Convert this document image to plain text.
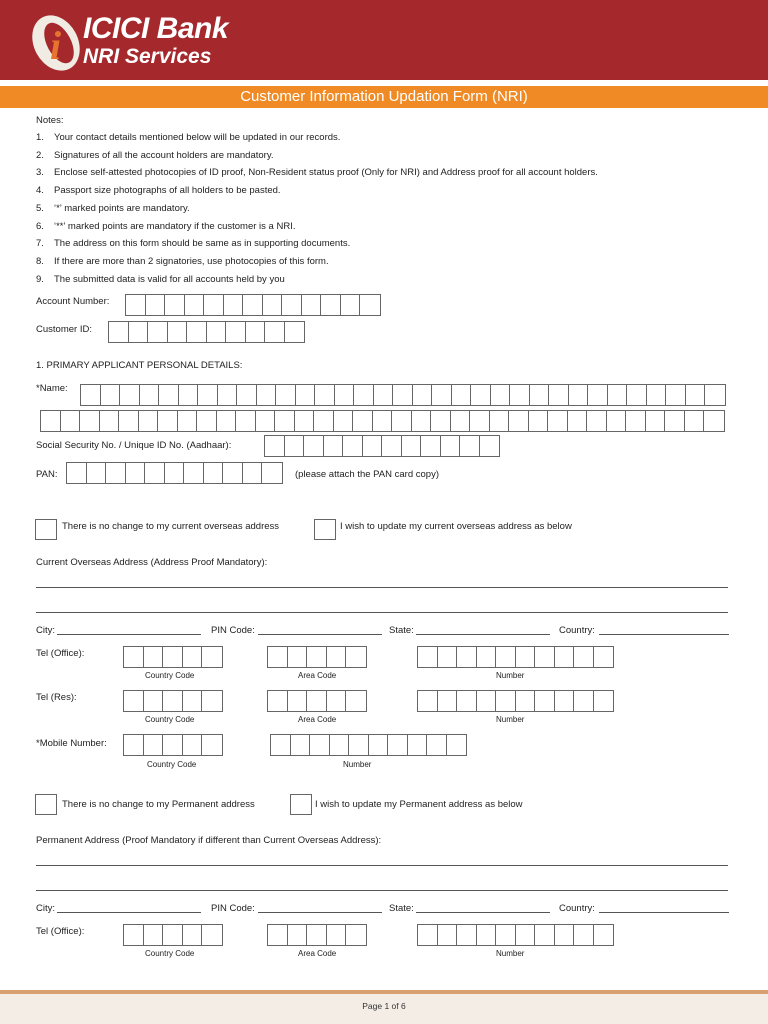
i ICICI Bank
NRI Services
Customer Information Updation Form (NRI)
Notes:
1. Your contact details mentioned below will be updated in our records.
2. Signatures of all the account holders are mandatory.
3. Enclose self-attested photocopies of ID proof, Non-Resident status proof (Only for NRI) and Address proof for all account holders.
4. Passport size photographs of all holders to be pasted.
5. ‘*’ marked points are mandatory.
6. ‘**’ marked points are mandatory if the customer is a NRI.
7. The address on this form should be same as in supporting documents.
8. If there are more than 2 signatories, use photocopies of this form.
9. The submitted data is valid for all accounts held by you
Account Number:
Customer ID:
1. PRIMARY APPLICANT PERSONAL DETAILS:
*Name:
Social Security No. / Unique ID No. (Aadhaar):
PAN:	(please attach the PAN card copy)
There is no change to my current overseas address	I wish to update my current overseas address as below
Current Overseas Address (Address Proof Mandatory):
City:	PIN Code:	State:	Country:
Tel (Office):
Country Code	Area Code	Number
Tel (Res):
Country Code	Area Code	Number
*Mobile Number:
Country Code	Number
There is no change to my Permanent address	I wish to update my Permanent address as below
Permanent Address (Proof Mandatory if different than Current Overseas Address):
City:	PIN Code:	State:	Country:
Tel (Office):
Country Code	Area Code	Number
Page 1 of 6
